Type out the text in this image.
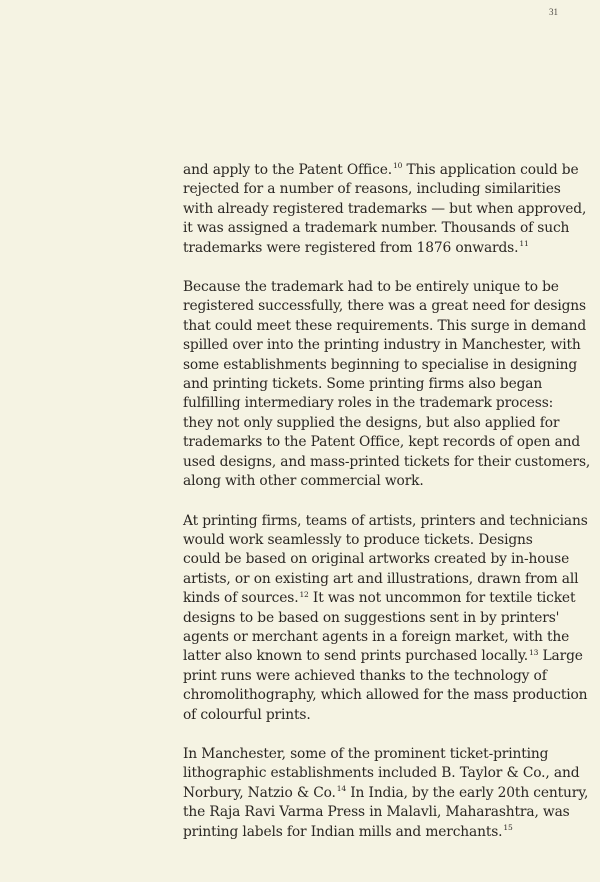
31
and apply to the Patent Office.$^{10}$ This application could be
rejected for a number of reasons, including similarities
with already registered trademarks — but when approved,
it was assigned a trademark number. Thousands of such
trademarks were registered from 1876 onwards.$^{11}$
Because the trademark had to be entirely unique to be
registered successfully, there was a great need for designs
that could meet these requirements. This surge in demand
spilled over into the printing industry in Manchester, with
some establishments beginning to specialise in designing
and printing tickets. Some printing firms also began
fulfilling intermediary roles in the trademark process:
they not only supplied the designs, but also applied for
trademarks to the Patent Office, kept records of open and
used designs, and mass-printed tickets for their customers,
along with other commercial work.
At printing firms, teams of artists, printers and technicians
would work seamlessly to produce tickets. Designs
could be based on original artworks created by in-house
artists, or on existing art and illustrations, drawn from all
kinds of sources.$^{12}$ It was not uncommon for textile ticket
designs to be based on suggestions sent in by printers'
agents or merchant agents in a foreign market, with the
latter also known to send prints purchased locally.$^{13}$ Large
print runs were achieved thanks to the technology of
chromolithography, which allowed for the mass production
of colourful prints.
In Manchester, some of the prominent ticket-printing
lithographic establishments included B. Taylor & Co., and
Norbury, Natzio & Co.$^{14}$ In India, by the early 20th century,
the Raja Ravi Varma Press in Malavli, Maharashtra, was
printing labels for Indian mills and merchants.$^{15}$
